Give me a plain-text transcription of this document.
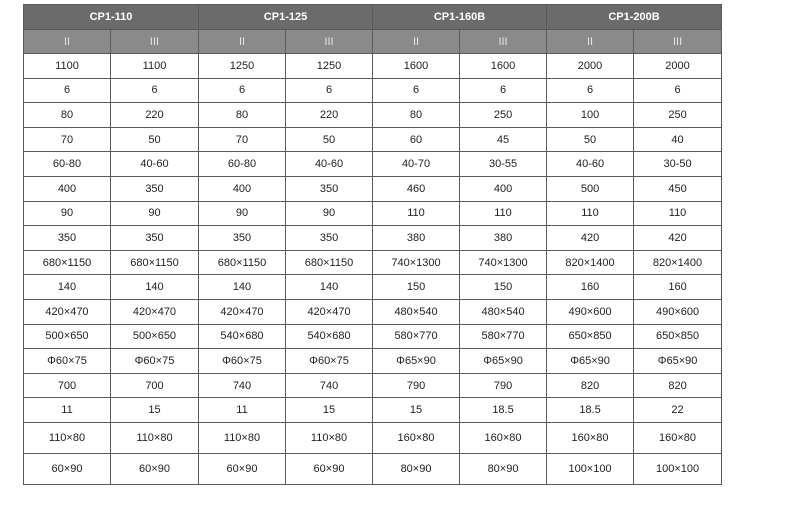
CP1-110		CP1-125		CP1-160B		CP1-200B	
II	III	II	III	II	III	II	III
1100	1100	1250	1250	1600	1600	2000	2000
6	6	6	6	6	6	6	6
80	220	80	220	80	250	100	250
70	50	70	50	60	45	50	40
60-80	40-60	60-80	40-60	40-70	30-55	40-60	30-50
400	350	400	350	460	400	500	450
90	90	90	90	110	110	110	110
350	350	350	350	380	380	420	420
680×1150	680×1150	680×1150	680×1150	740×1300	740×1300	820×1400	820×1400
140	140	140	140	150	150	160	160
420×470	420×470	420×470	420×470	480×540	480×540	490×600	490×600
500×650	500×650	540×680	540×680	580×770	580×770	650×850	650×850
Φ60×75	Φ60×75	Φ60×75	Φ60×75	Φ65×90	Φ65×90	Φ65×90	Φ65×90
700	700	740	740	790	790	820	820
11	15	11	15	15	18.5	18.5	22
110×80	110×80	110×80	110×80	160×80	160×80	160×80	160×80
60×90	60×90	60×90	60×90	80×90	80×90	100×100	100×100
